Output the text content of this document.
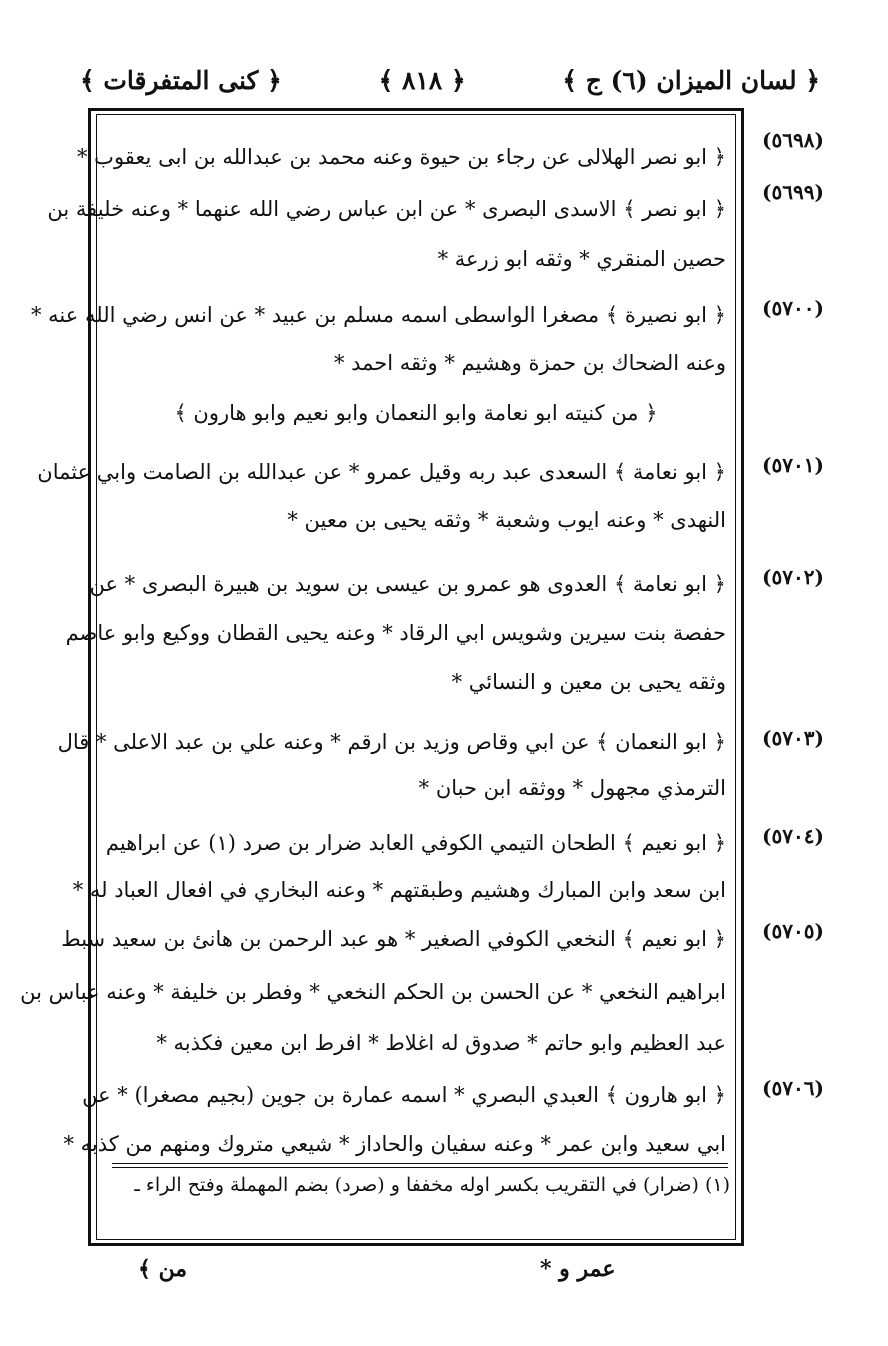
﴿ لسان الميزان (٦) ج ﴾
﴿ ٨١٨ ﴾
﴿ كنى المتفرقات ﴾
(٥٦٩٨)
(٥٦٩٩)
(٥٧٠٠)
(٥٧٠١)
(٥٧٠٢)
(٥٧٠٣)
(٥٧٠٤)
(٥٧٠٥)
(٥٧٠٦)
﴿ ابو نصر الهلالى عن رجاء بن حيوة وعنه محمد بن عبدالله بن ابى يعقوب *
﴿ ابو نصر ﴾ الاسدى البصرى * عن ابن عباس رضي الله عنهما * وعنه خليفة بن
حصين المنقري * وثقه ابو زرعة *
﴿ ابو نصيرة ﴾ مصغرا الواسطى اسمه مسلم بن عبيد * عن انس رضي الله عنه *
وعنه الضحاك بن حمزة وهشيم * وثقه احمد *
﴿ من كنيته ابو نعامة وابو النعمان وابو نعيم وابو هارون ﴾
﴿ ابو نعامة ﴾ السعدى عبد ربه وقيل عمرو * عن عبدالله بن الصامت وابي عثمان
النهدى * وعنه ايوب وشعبة * وثقه يحيى بن معين *
﴿ ابو نعامة ﴾ العدوى هو عمرو بن عيسى بن سويد بن هبيرة البصرى * عن
حفصة بنت سيرين وشويس ابي الرقاد * وعنه يحيى القطان ووكيع وابو عاصم
وثقه يحيى بن معين و النسائي *
﴿ ابو النعمان ﴾ عن ابي وقاص وزيد بن ارقم * وعنه علي بن عبد الاعلى * قال
الترمذي مجهول * ووثقه ابن حبان *
﴿ ابو نعيم ﴾ الطحان التيمي الكوفي العابد ضرار بن صرد (١) عن ابراهيم
ابن سعد وابن المبارك وهشيم وطبقتهم * وعنه البخاري في افعال العباد له *
﴿ ابو نعيم ﴾ النخعي الكوفي الصغير * هو عبد الرحمن بن هانئ بن سعيد سبط
ابراهيم النخعي * عن الحسن بن الحكم النخعي * وفطر بن خليفة * وعنه عباس بن
عبد العظيم وابو حاتم * صدوق له اغلاط * افرط ابن معين فكذبه *
﴿ ابو هارون ﴾ العبدي البصري * اسمه عمارة بن جوين (بجيم مصغرا) * عن
ابي سعيد وابن عمر * وعنه سفيان والحاداز * شيعي متروك ومنهم من كذبه *
(١) (ضرار) في التقريب بكسر اوله مخففا و (صرد) بضم المهملة وفتح الراء ـ
﴾ من	* عمر و
